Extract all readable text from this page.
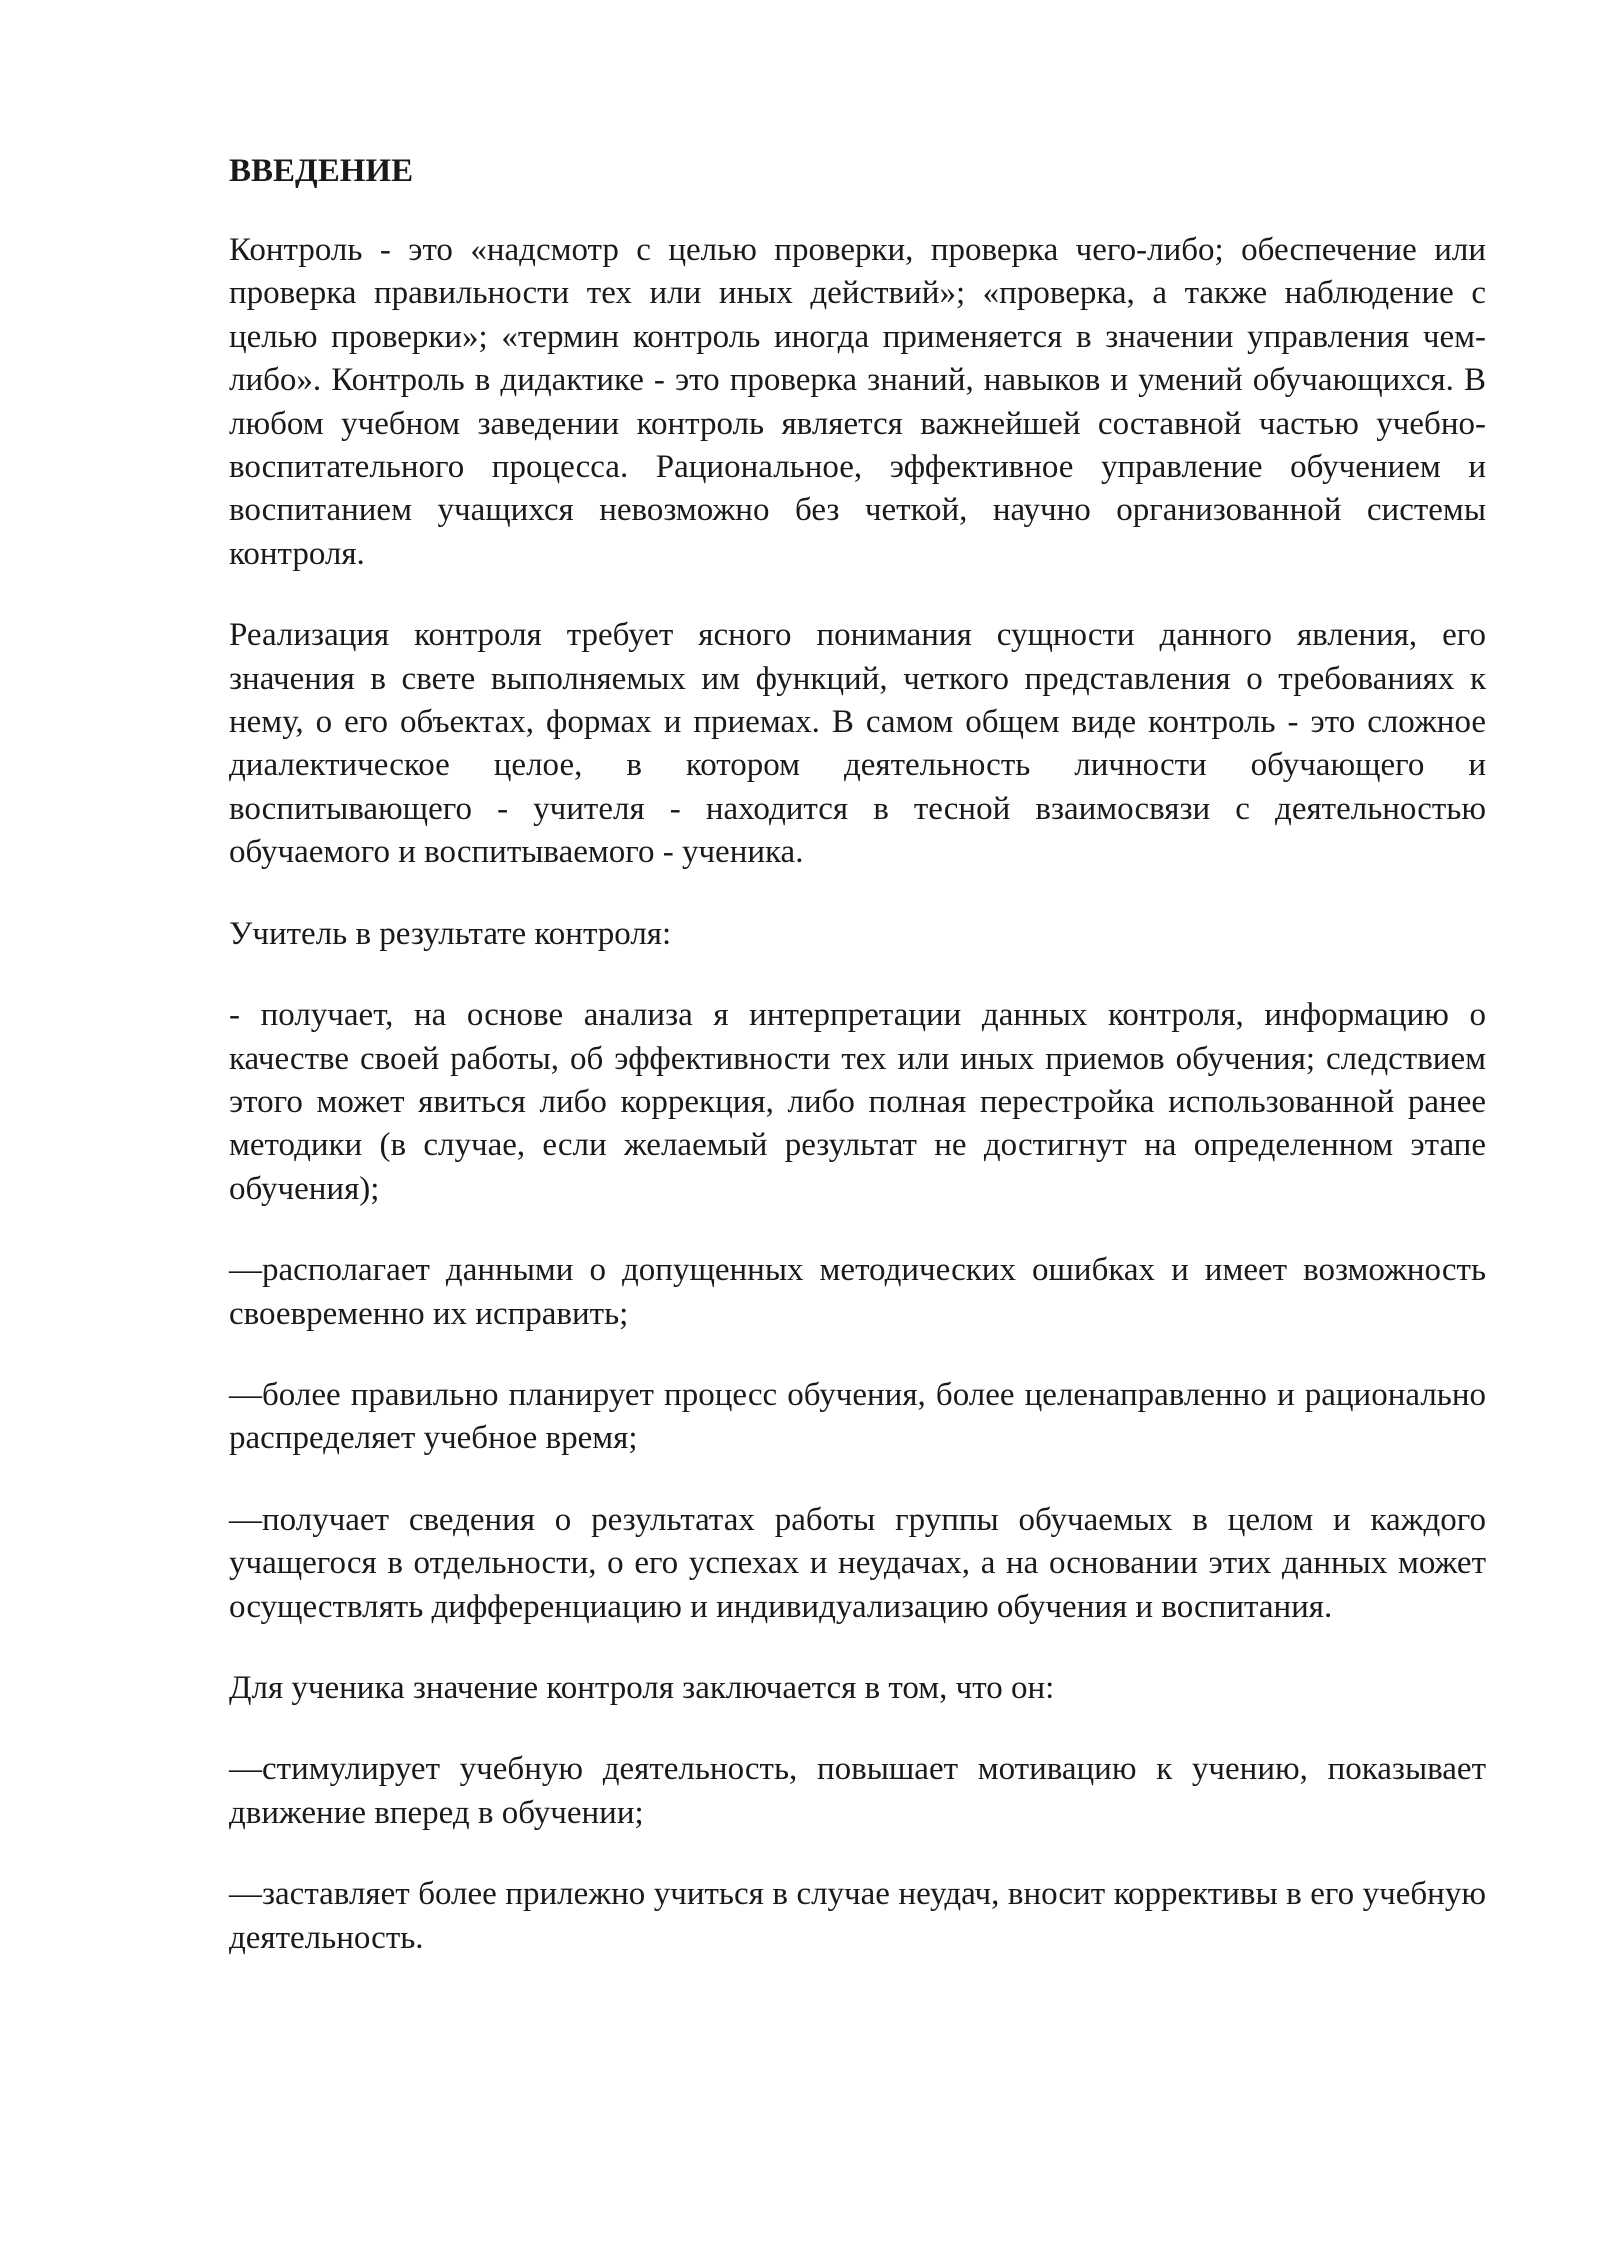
ВВЕДЕНИЕ

Контроль - это «надсмотр с целью проверки, проверка чего-либо; обеспечение или проверка правильности тех или иных действий»; «проверка, а также наблюдение с целью проверки»; «термин контроль иногда применяется в значении управления чем-либо». Контроль в дидактике - это проверка знаний, навыков и умений обучающихся. В любом учебном заведении контроль является важнейшей составной частью учебно-воспитательного процесса. Рациональное, эффективное управление обучением и воспитанием учащихся невозможно без четкой, научно организованной системы контроля.

Реализация контроля требует ясного понимания сущности данного явления, его значения в свете выполняемых им функций, четкого представления о требованиях к нему, о его объектах, формах и приемах. В самом общем виде контроль - это сложное диалектическое целое, в котором деятельность личности обучающего и воспитывающего - учителя - находится в тесной взаимосвязи с деятельностью обучаемого и воспитываемого - ученика.

Учитель в результате контроля:

- получает, на основе анализа я интерпретации данных контроля, информацию о качестве своей работы, об эффективности тех или иных приемов обучения; следствием этого может явиться либо коррекция, либо полная перестройка использованной ранее методики (в случае, если желаемый результат не достигнут на определенном этапе обучения);

—располагает данными о допущенных методических ошибках и имеет возможность своевременно их исправить;

—более правильно планирует процесс обучения, более целенаправленно и рационально распределяет учебное время;

—получает сведения о результатах работы группы обучаемых в целом и каждого учащегося в отдельности, о его успехах и неудачах, а на основании этих данных может осуществлять дифференциацию и индивидуализацию обучения и воспитания.

Для ученика значение контроля заключается в том, что он:

—стимулирует учебную деятельность, повышает мотивацию к учению, показывает движение вперед в обучении;

—заставляет более прилежно учиться в случае неудач, вносит коррективы в его учебную деятельность.
